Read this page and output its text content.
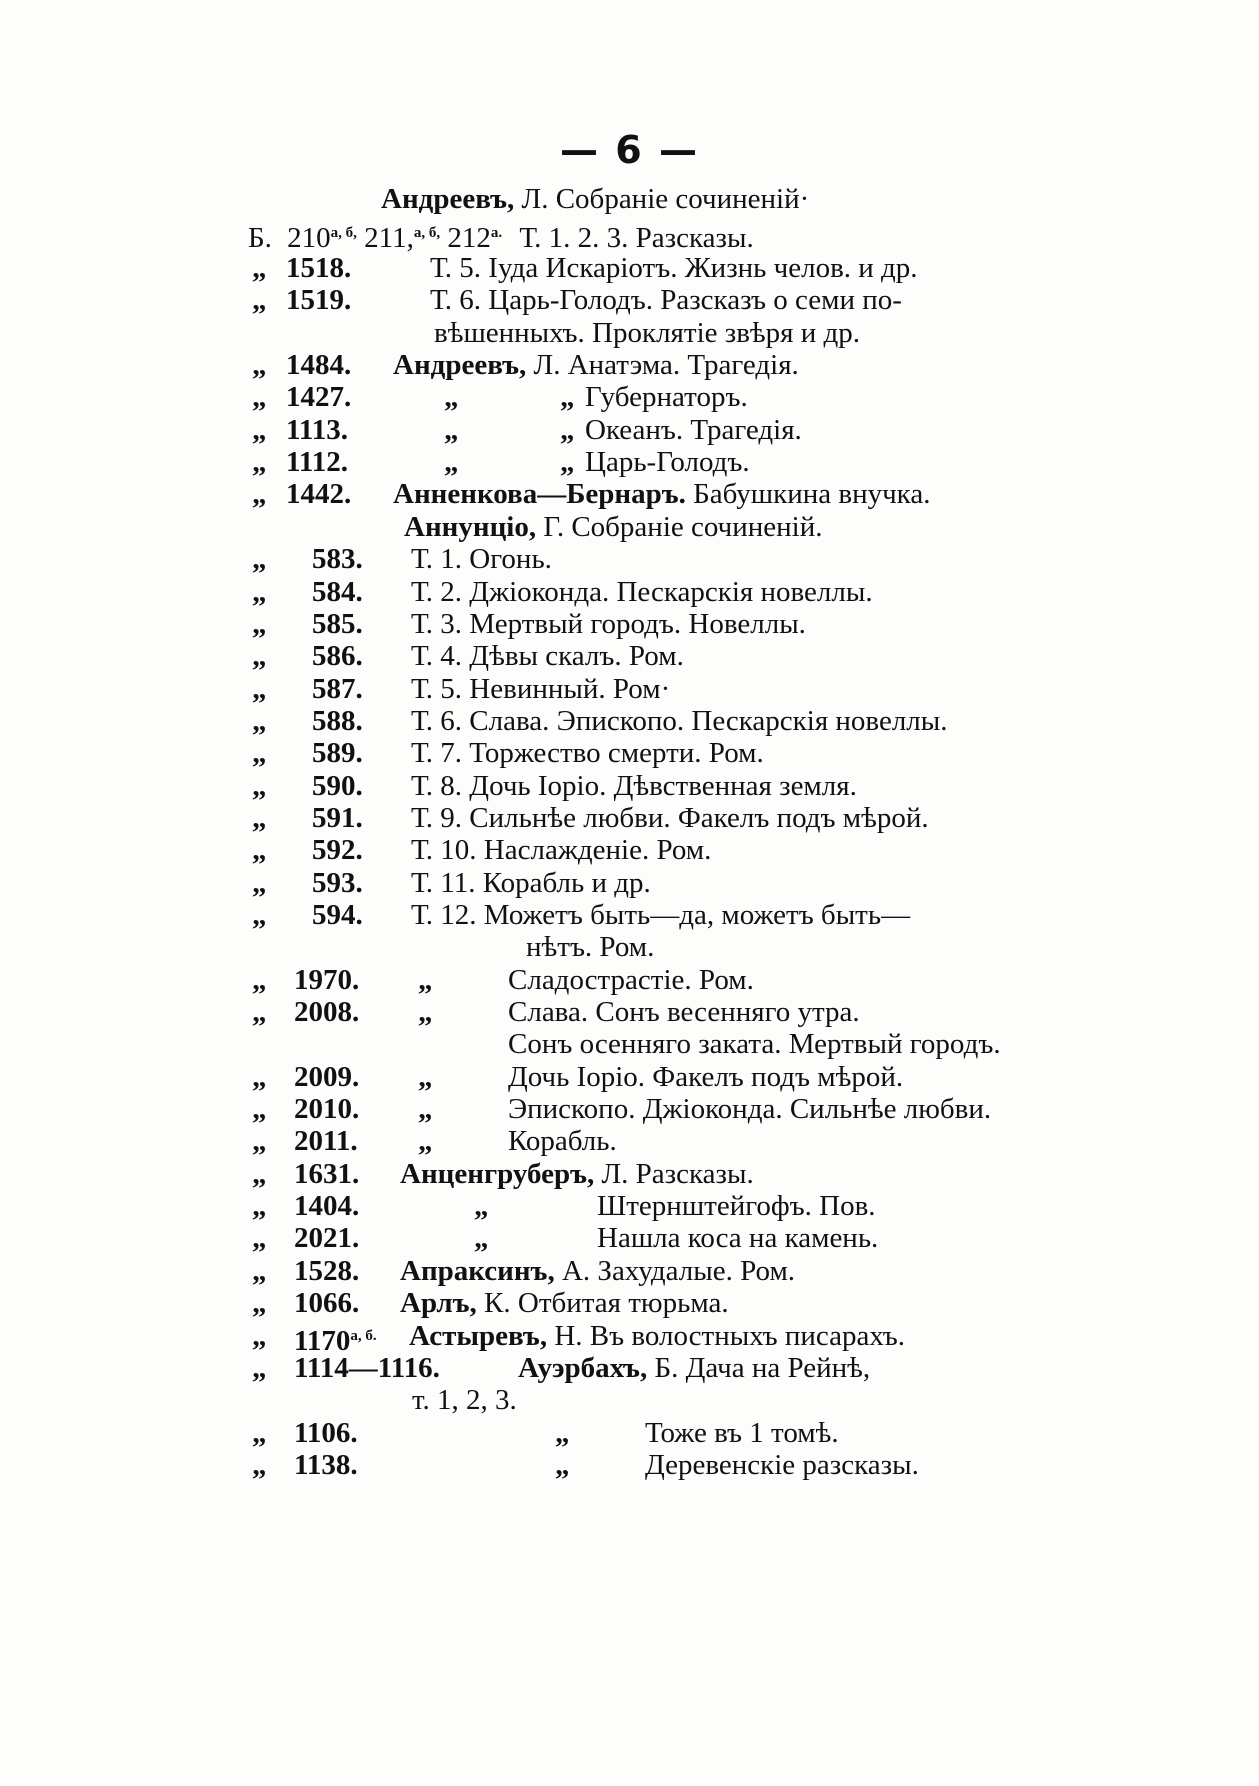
— 6 —
Андреевъ, Л. Собраніе сочиненій·
Б. $210^{а, б,}$ 211,$^{а, б,}$ $212^{а.}$ Т. 1. 2. 3. Разсказы.
„ 1518.	Т. 5. Іуда Искаріотъ. Жизнь челов. и др.
„ 1519.	Т. 6. Царь-Голодъ. Разсказъ о семи по-
вѣшенныхъ. Проклятіе звѣря и др.
„ 1484. Андреевъ, Л. Анатэма. Трагедія.
„ 1427.	„	„ Губернаторъ.
„ 1113.	„	„ Океанъ. Трагедія.
„ 1112.	„	„ Царь-Голодъ.
„ 1442. Анненкова—Бернаръ. Бабушкина внучка.
Аннунціо, Г. Собраніе сочиненій.
„ 583. Т. 1. Огонь.
„ 584. Т. 2. Джіоконда. Пескарскія новеллы.
„ 585. Т. 3. Мертвый городъ. Новеллы.
„ 586. Т. 4. Дѣвы скалъ. Ром.
„ 587. Т. 5. Невинный. Ром·
„ 588. Т. 6. Слава. Эпископо. Пескарскія новеллы.
„ 589. Т. 7. Торжество смерти. Ром.
„ 590. Т. 8. Дочь Іоріо. Дѣвственная земля.
„ 591. Т. 9. Сильнѣе любви. Факелъ подъ мѣрой.
„ 592. Т. 10. Наслажденіе. Ром.
„ 593. Т. 11. Корабль и др.
„ 594. Т. 12. Можетъ быть—да, можетъ быть—
нѣтъ. Ром.
„ 1970. „	Сладострастіе. Ром.
„ 2008. „	Слава. Сонъ весенняго утра.
Сонъ осенняго заката. Мертвый городъ.
„ 2009. „	Дочь Іоріо. Факелъ подъ мѣрой.
„ 2010. „	Эпископо. Джіоконда. Сильнѣе любви.
„ 2011. „	Корабль.
„ 1631. Анценгруберъ, Л. Разсказы.
„ 1404.	„	Штернштейгофъ. Пов.
„ 2021.	„	Нашла коса на камень.
„ 1528. Апраксинъ, А. Захудалые. Ром.
„ 1066. Арлъ, К. Отбитая тюрьма.
„ $1170^{а, б.}$ Астыревъ, Н. Въ волостныхъ писарахъ.
„ 1114—1116.	Ауэрбахъ, Б. Дача на Рейнѣ,
т. 1, 2, 3.
„ 1106.	„	Тоже въ 1 томѣ.
„ 1138.	„	Деревенскіе разсказы.
